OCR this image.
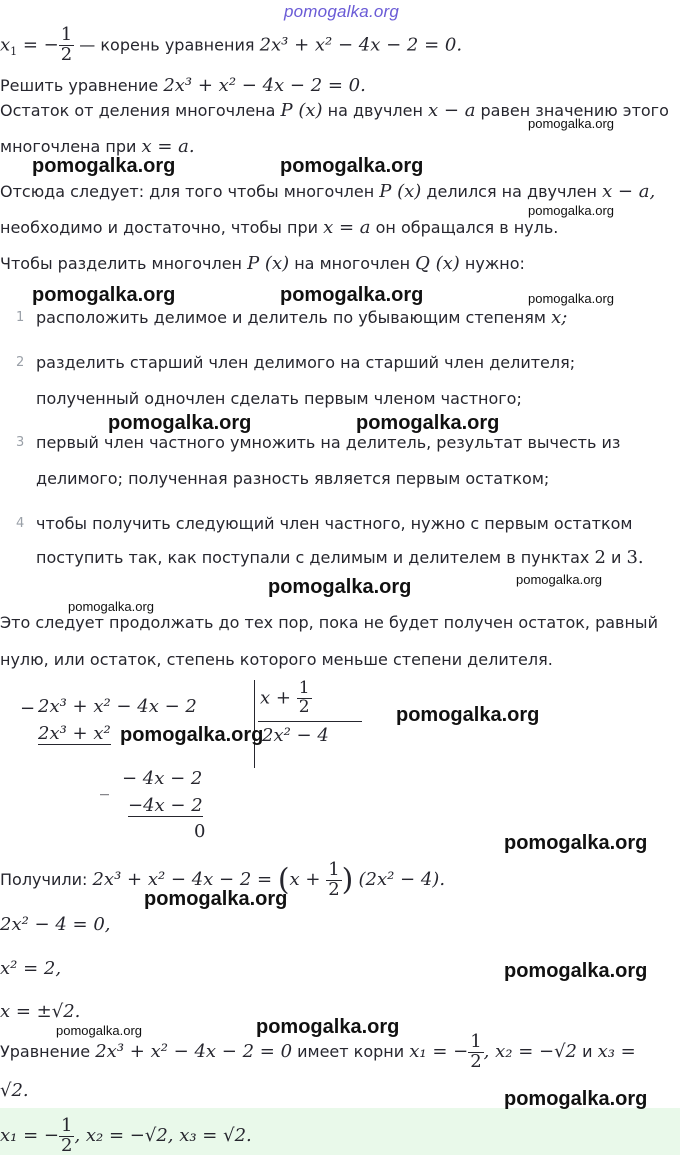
pomogalka.org
$x_1$ = − $\frac{1}{2}$ — корень уравнения 2x³ + x² − 4x − 2 = 0.
Решить уравнение 2x³ + x² − 4x − 2 = 0.
Остаток от деления многочлена P (x) на двучлен x − a равен значению этого
многочлена при x = a.
Отсюда следует: для того чтобы многочлен P (x) делился на двучлен x − a,
необходимо и достаточно, чтобы при x = a он обращался в нуль.
Чтобы разделить многочлен P (x) на многочлен Q (x) нужно:
1 расположить делимое и делитель по убывающим степеням x;
2 разделить старший член делимого на старший член делителя;
полученный одночлен сделать первым членом частного;
3 первый член частного умножить на делитель, результат вычесть из
делимого; полученная разность является первым остатком;
4 чтобы получить следующий член частного, нужно с первым остатком
поступить так, как поступали с делимым и делителем в пунктах 2 и 3.
Это следует продолжать до тех пор, пока не будет получен остаток, равный
нулю, или остаток, степень которого меньше степени делителя.
− 2x³ + x² − 4x − 2
2x³ + x²
$x + \frac{1}{2}$
2x² − 4
_ − 4x − 2
−4x − 2
0
Получили: $2x^3 + x^2 - 4x - 2 = (x + \frac{1}{2}$ ) (2x² − 4).
2x² − 4 = 0,
x² = 2,
x = ±√2.
Уравнение 2x³ + x² − 4x − 2 = 0 имеет корни x₁ = − $\frac{1}{2}$ , x₂ = −√2 и x₃ =
√2.
x₁ = − $\frac{1}{2}$ , x₂ = −√2, x₃ = √2.
pomogalka.org
pomogalka.org	pomogalka.org
pomogalka.org
pomogalka.org	pomogalka.org	pomogalka.org
pomogalka.org	pomogalka.org
pomogalka.org	pomogalka.org
pomogalka.org
pomogalka.org
pomogalka.org
pomogalka.org
pomogalka.org
pomogalka.org
pomogalka.org
pomogalka.org
pomogalka.org
